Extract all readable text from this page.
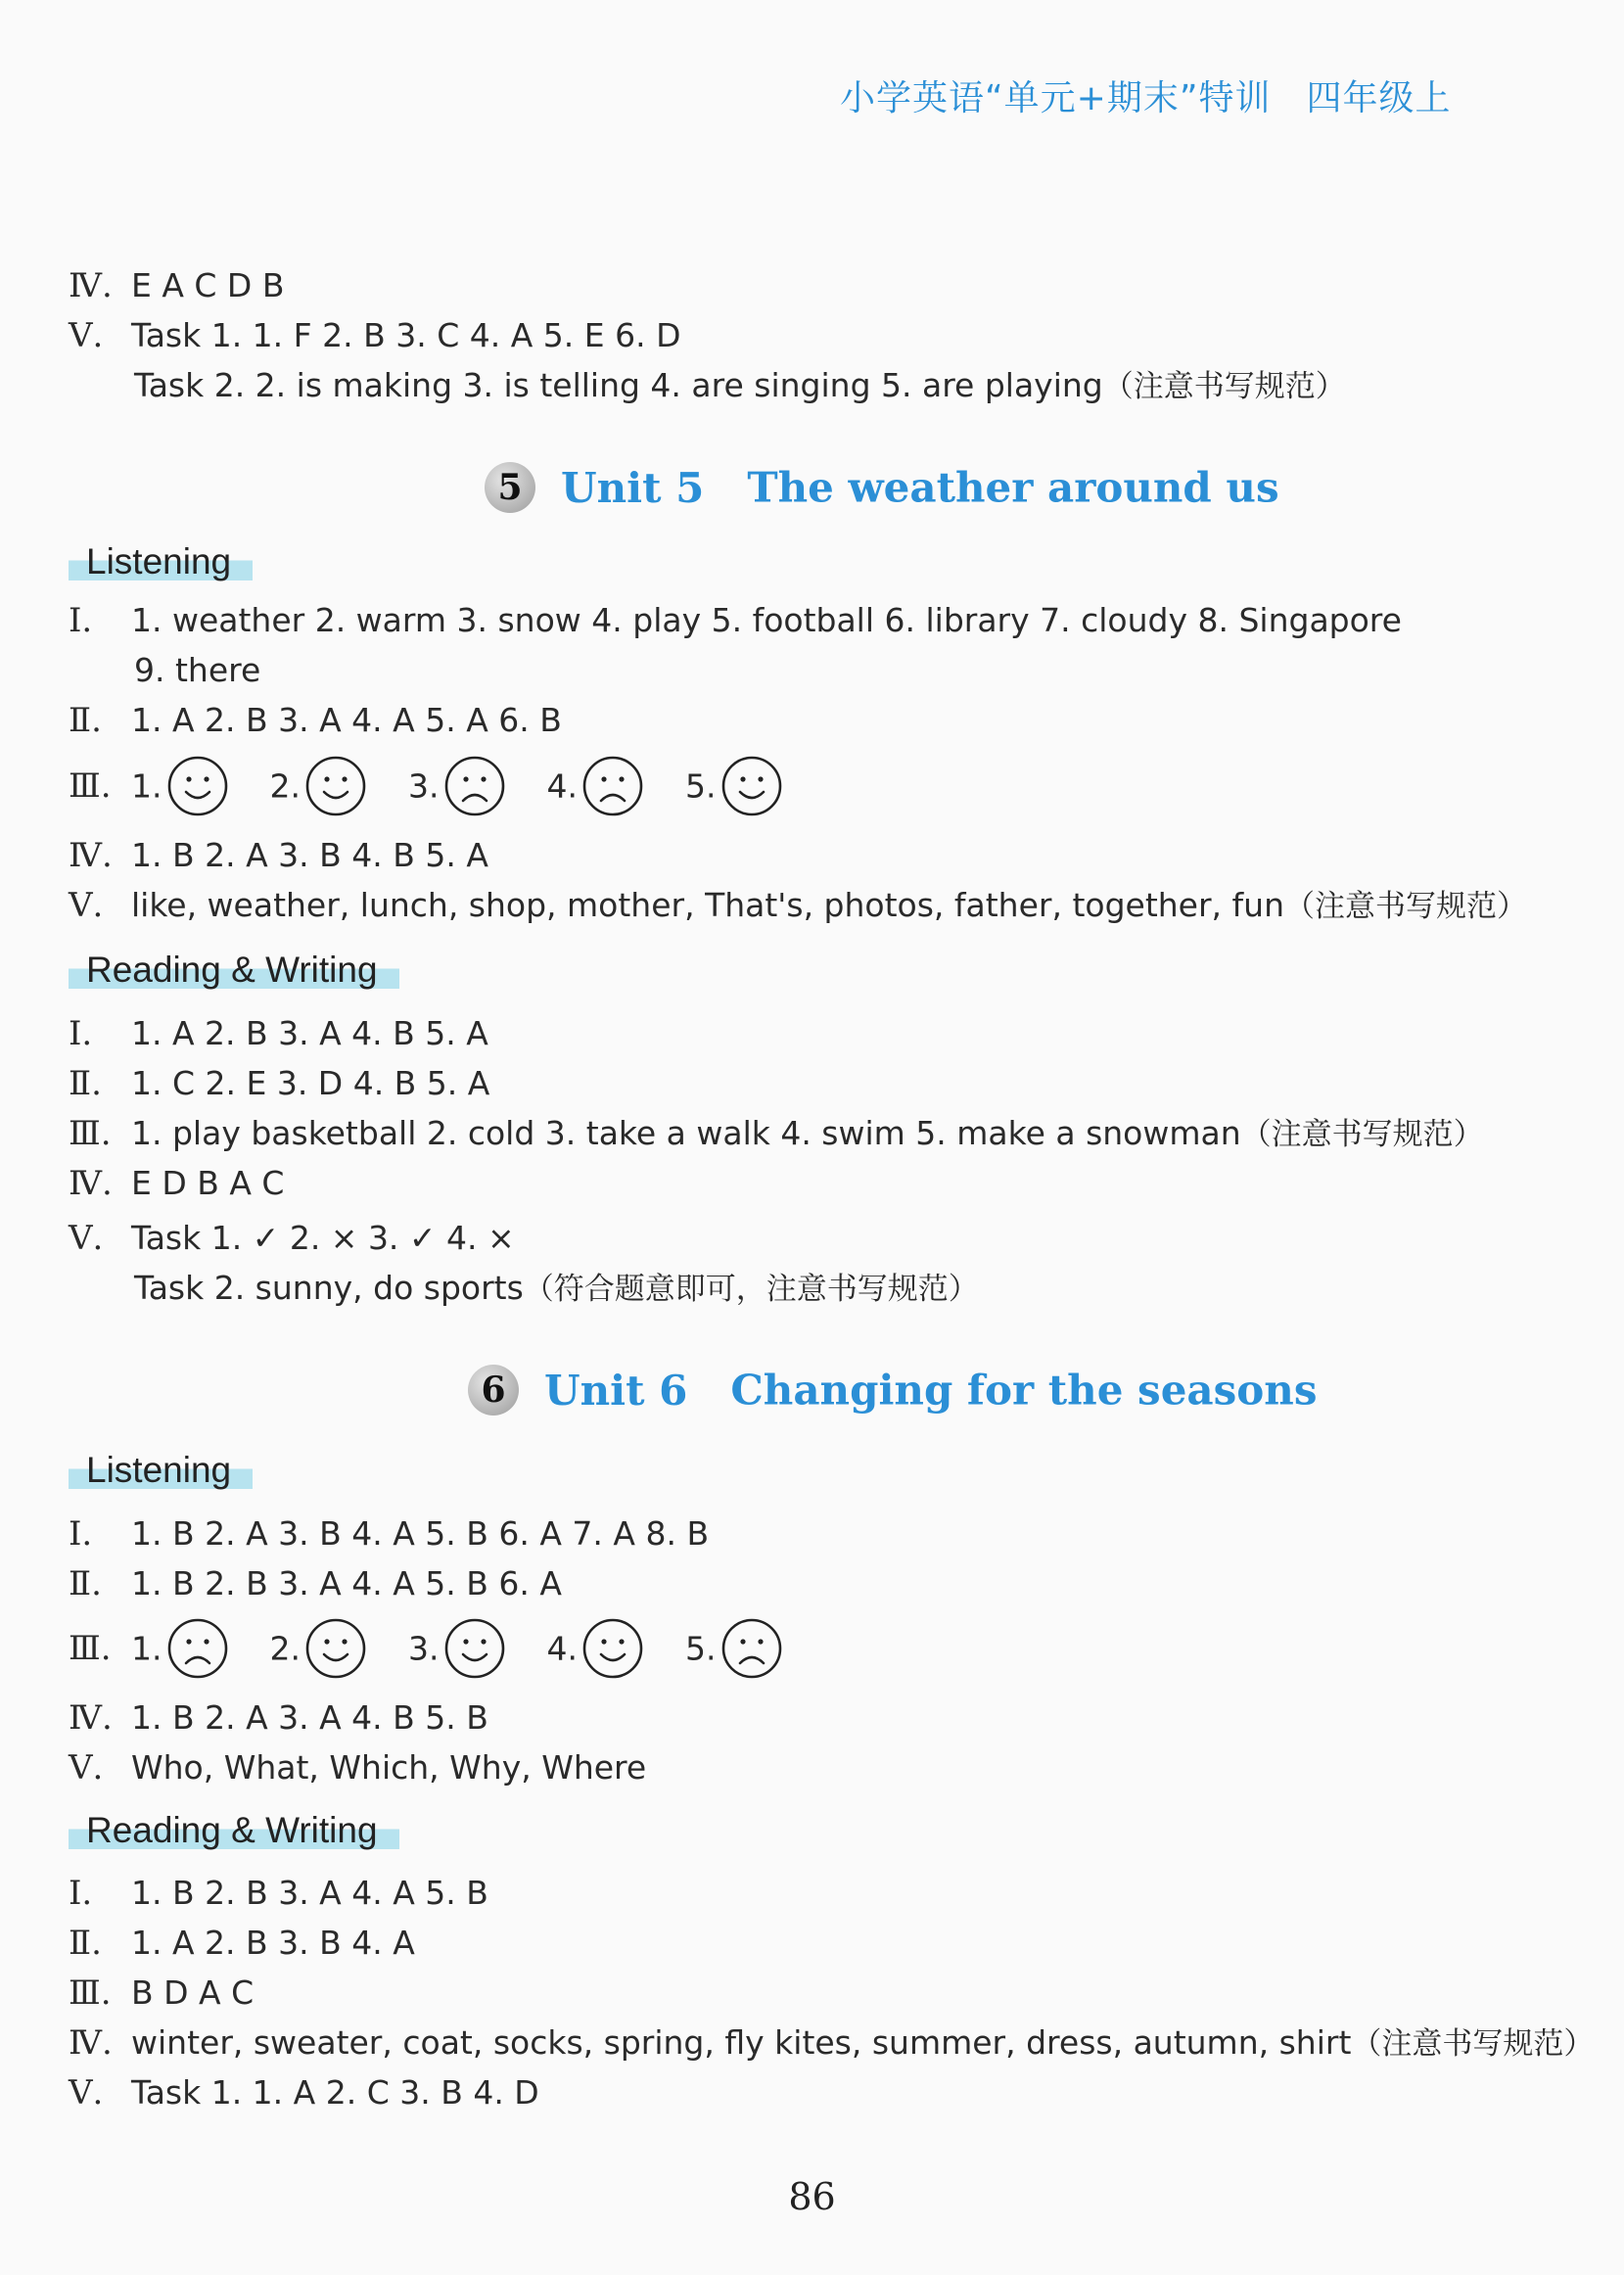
小学英语“单元+期末”特训 四年级上
Ⅳ. E A C D B
Ⅴ. Task 1. 1. F 2. B 3. C 4. A 5. E 6. D
Task 2. 2. is making 3. is telling 4. are singing 5. are playing（注意书写规范）
5 Unit 5 The weather around us
Listening
Ⅰ. 1. weather 2. warm 3. snow 4. play 5. football 6. library 7. cloudy 8. Singapore
9. there
Ⅱ. 1. A 2. B 3. A 4. A 5. A 6. B
Ⅲ. 1.	2.	3.	4.	5.
Ⅳ. 1. B 2. A 3. B 4. B 5. A
Ⅴ. like, weather, lunch, shop, mother, That's, photos, father, together, fun（注意书写规范）
Reading & Writing
Ⅰ. 1. A 2. B 3. A 4. B 5. A
Ⅱ. 1. C 2. E 3. D 4. B 5. A
Ⅲ. 1. play basketball 2. cold 3. take a walk 4. swim 5. make a snowman（注意书写规范）
Ⅳ. E D B A C
Ⅴ. Task 1. ✓ 2. × 3. ✓ 4. ×
Task 2. sunny, do sports（符合题意即可，注意书写规范）
6 Unit 6 Changing for the seasons
Listening
Ⅰ. 1. B 2. A 3. B 4. A 5. B 6. A 7. A 8. B
Ⅱ. 1. B 2. B 3. A 4. A 5. B 6. A
Ⅲ. 1.	2.	3.	4.	5.
Ⅳ. 1. B 2. A 3. A 4. B 5. B
Ⅴ. Who, What, Which, Why, Where
Reading & Writing
Ⅰ. 1. B 2. B 3. A 4. A 5. B
Ⅱ. 1. A 2. B 3. B 4. A
Ⅲ. B D A C
Ⅳ. winter, sweater, coat, socks, spring, fly kites, summer, dress, autumn, shirt（注意书写规范）
Ⅴ. Task 1. 1. A 2. C 3. B 4. D
86
